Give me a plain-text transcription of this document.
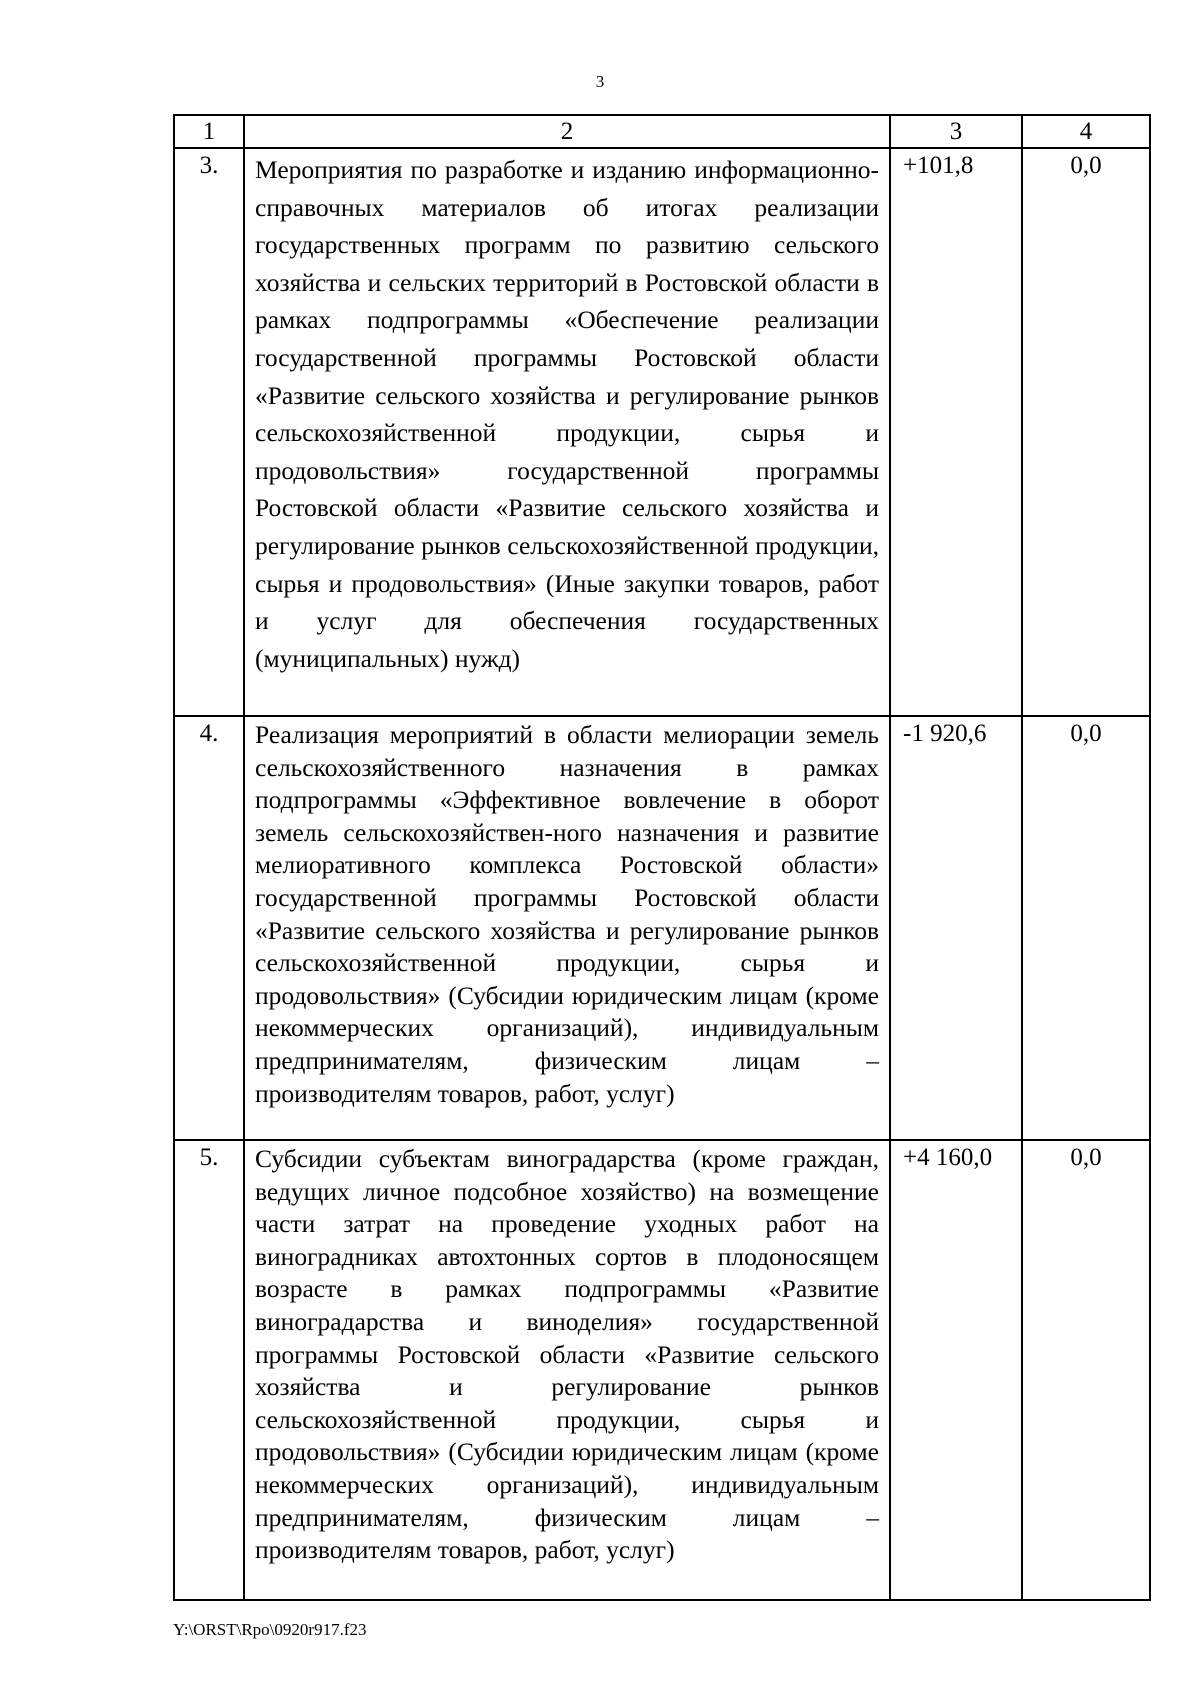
3
1	2	3	4
3.	Мероприятия по разработке и изданию информационно-справочных материалов об итогах реализации государственных программ по развитию сельского хозяйства и сельских территорий в Ростовской области в рамках подпрограммы «Обеспечение реализации государственной программы Ростовской области «Развитие сельского хозяйства и регулирование рынков сельскохозяйственной продукции, сырья и продовольствия» государственной программы Ростовской области «Развитие сельского хозяйства и регулирование рынков сельскохозяйственной продукции, сырья и продовольствия» (Иные закупки товаров, работ и услуг для обеспечения государственных (муниципальных) нужд)	+101,8	0,0
4.	Реализация мероприятий в области мелиорации земель сельскохозяйственного назначения в рамках подпрограммы «Эффективное вовлечение в оборот земель сельскохозяйствен-ного назначения и развитие мелиоративного комплекса Ростовской области» государственной программы Ростовской области «Развитие сельского хозяйства и регулирование рынков сельскохозяйственной продукции, сырья и продовольствия» (Субсидии юридическим лицам (кроме некоммерческих организаций), индивидуальным предпринимателям, физическим лицам – производителям товаров, работ, услуг)	-1 920,6	0,0
5.	Субсидии субъектам виноградарства (кроме граждан, ведущих личное подсобное хозяйство) на возмещение части затрат на проведение уходных работ на виноградниках автохтонных сортов в плодоносящем возрасте в рамках подпрограммы «Развитие виноградарства и виноделия» государственной программы Ростовской области «Развитие сельского хозяйства и регулирование рынков сельскохозяйственной продукции, сырья и продовольствия» (Субсидии юридическим лицам (кроме некоммерческих организаций), индивидуальным предпринимателям, физическим лицам – производителям товаров, работ, услуг)	+4 160,0	0,0
Y:\ORST\Rpo\0920r917.f23
